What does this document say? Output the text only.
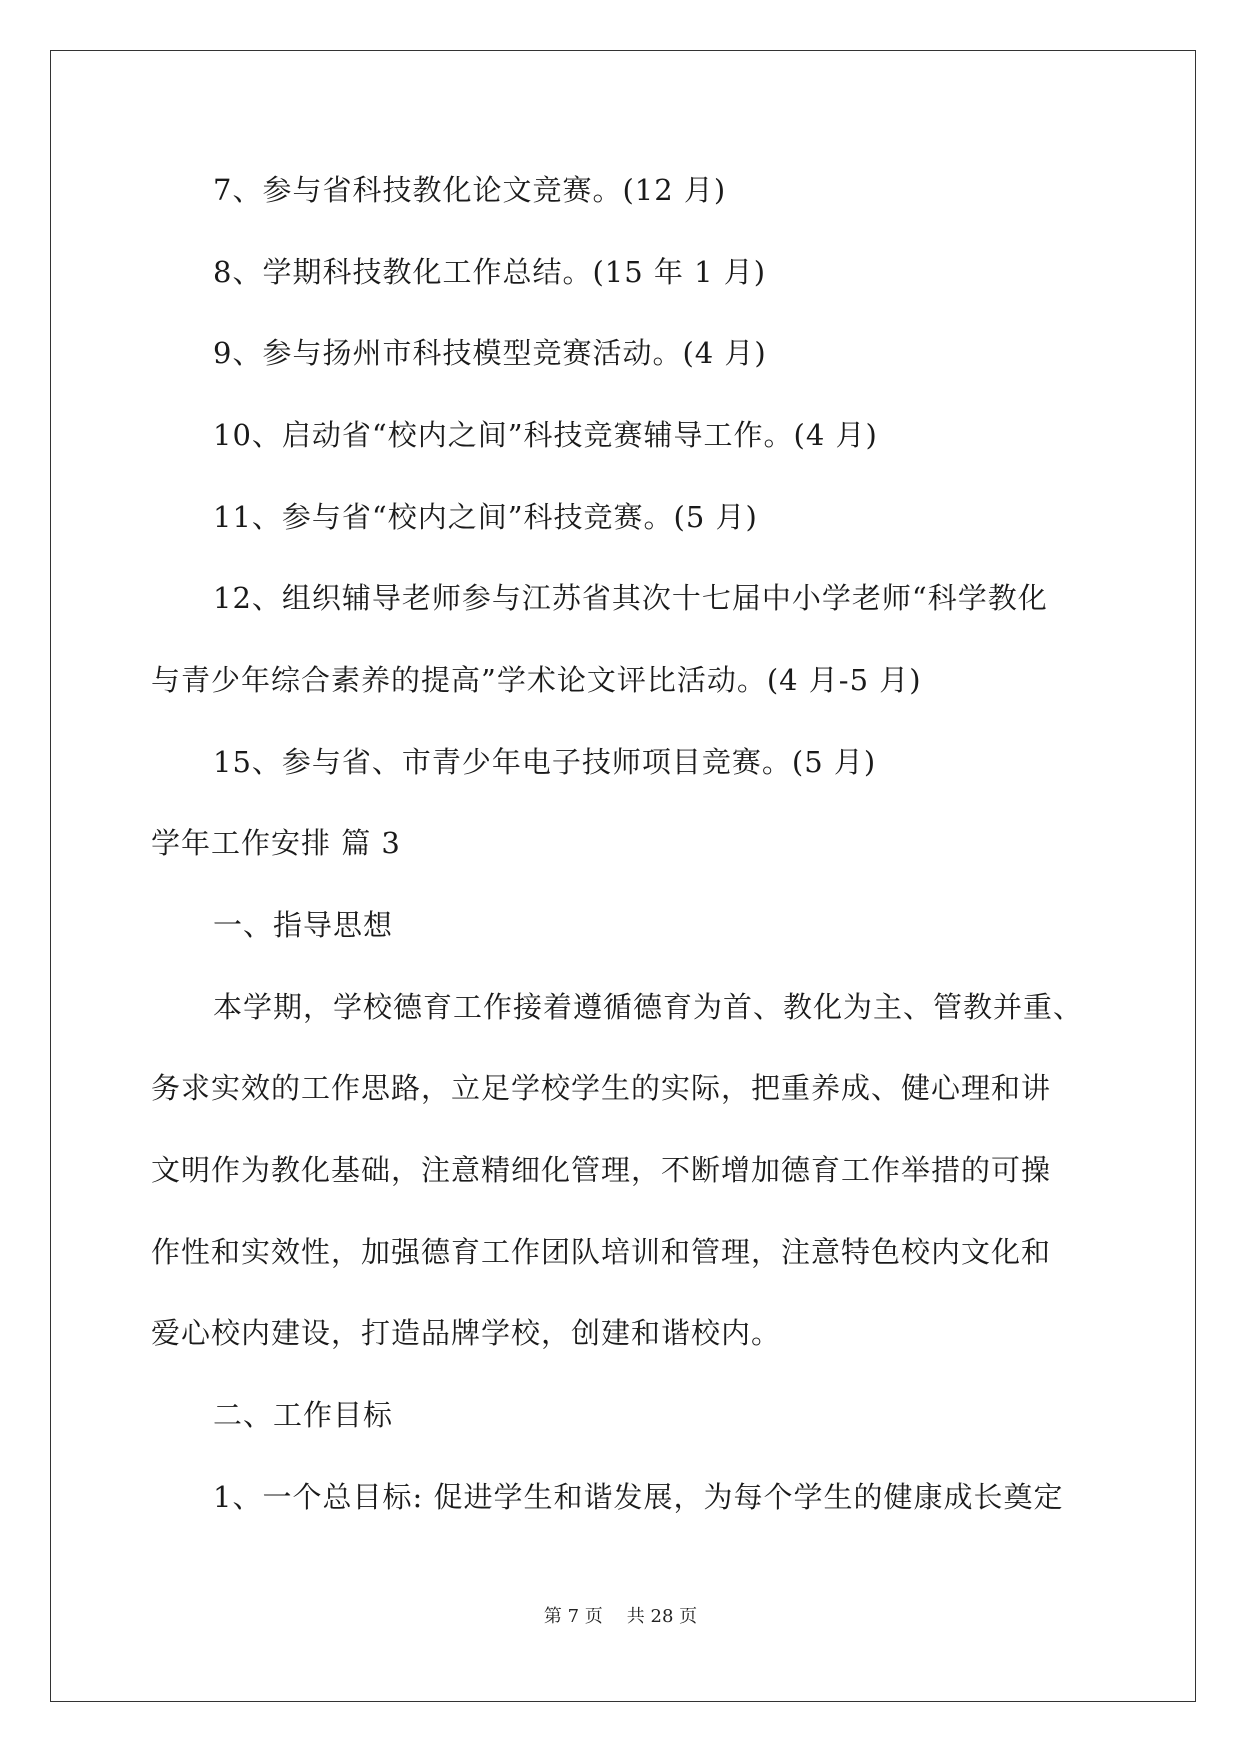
7、参与省科技教化论文竞赛。(12 月)
8、学期科技教化工作总结。(15 年 1 月)
9、参与扬州市科技模型竞赛活动。(4 月)
10、启动省“校内之间”科技竞赛辅导工作。(4 月)
11、参与省“校内之间”科技竞赛。(5 月)
12、组织辅导老师参与江苏省其次十七届中小学老师“科学教化
与青少年综合素养的提高”学术论文评比活动。(4 月-5 月)
15、参与省、市青少年电子技师项目竞赛。(5 月)
学年工作安排 篇 3
一、指导思想
本学期，学校德育工作接着遵循德育为首、教化为主、管教并重、
务求实效的工作思路，立足学校学生的实际，把重养成、健心理和讲
文明作为教化基础，注意精细化管理，不断增加德育工作举措的可操
作性和实效性，加强德育工作团队培训和管理，注意特色校内文化和
爱心校内建设，打造品牌学校，创建和谐校内。
二、工作目标
1、一个总目标: 促进学生和谐发展，为每个学生的健康成长奠定
第 7 页 共 28 页
